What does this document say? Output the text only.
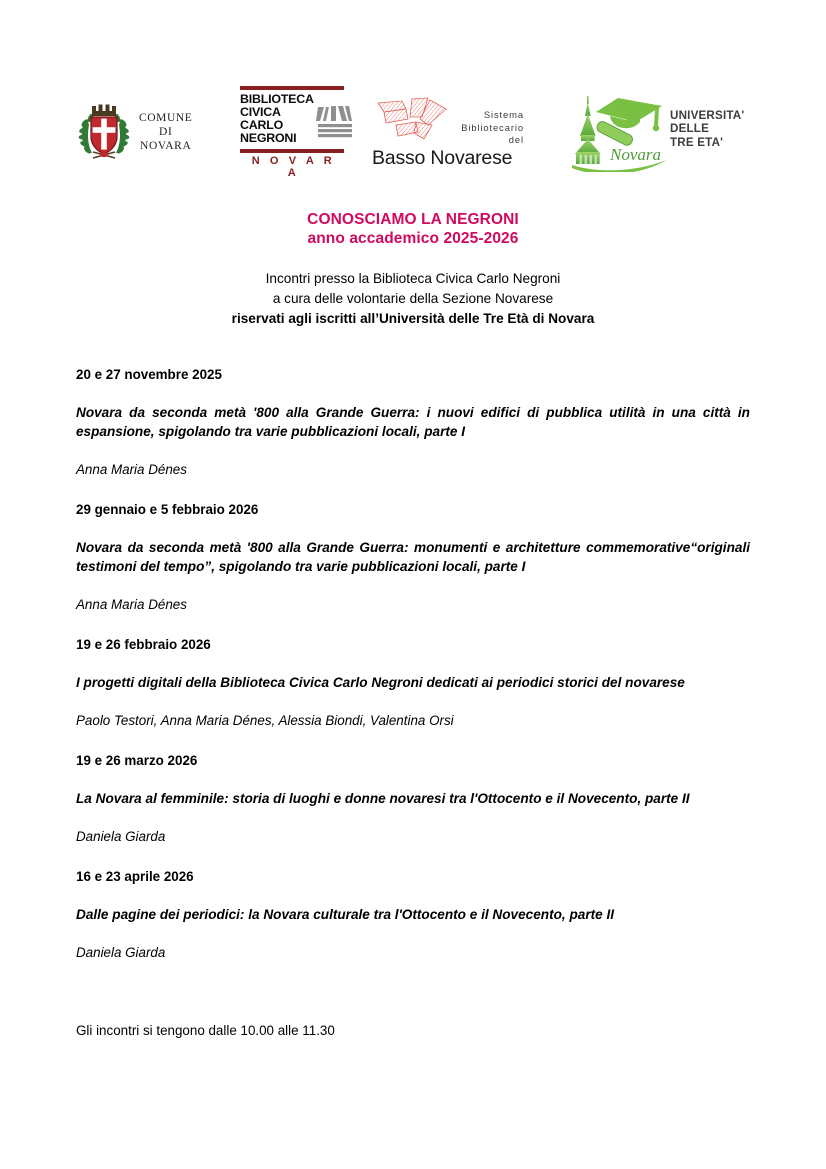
COMUNE
DI
NOVARA
BIBLIOTECA
CIVICA
CARLO
NEGRONI
N O V A R A
Sistema
Bibliotecario del
Basso Novarese	Novara
UNIVERSITA'
DELLE
TRE ETA'
CONOSCIAMO LA NEGRONI
anno accademico 2025-2026
Incontri presso la Biblioteca Civica Carlo Negroni
a cura delle volontarie della Sezione Novarese
riservati agli iscritti all’Università delle Tre Età di Novara

20 e 27 novembre 2025

Novara da seconda metà '800 alla Grande Guerra: i nuovi edifici di pubblica utilità in una città in espansione, spigolando tra varie pubblicazioni locali, parte I

Anna Maria Dénes

29 gennaio e 5 febbraio 2026

Novara da seconda metà '800 alla Grande Guerra: monumenti e architetture commemorative“originali testimoni del tempo”, spigolando tra varie pubblicazioni locali, parte I

Anna Maria Dénes

19 e 26 febbraio 2026

I progetti digitali della Biblioteca Civica Carlo Negroni dedicati ai periodici storici del novarese

Paolo Testori, Anna Maria Dénes, Alessia Biondi, Valentina Orsi

19 e 26 marzo 2026

La Novara al femminile: storia di luoghi e donne novaresi tra l'Ottocento e il Novecento, parte II

Daniela Giarda

16 e 23 aprile 2026

Dalle pagine dei periodici: la Novara culturale tra l'Ottocento e il Novecento, parte II

Daniela Giarda

Gli incontri si tengono dalle 10.00 alle 11.30
